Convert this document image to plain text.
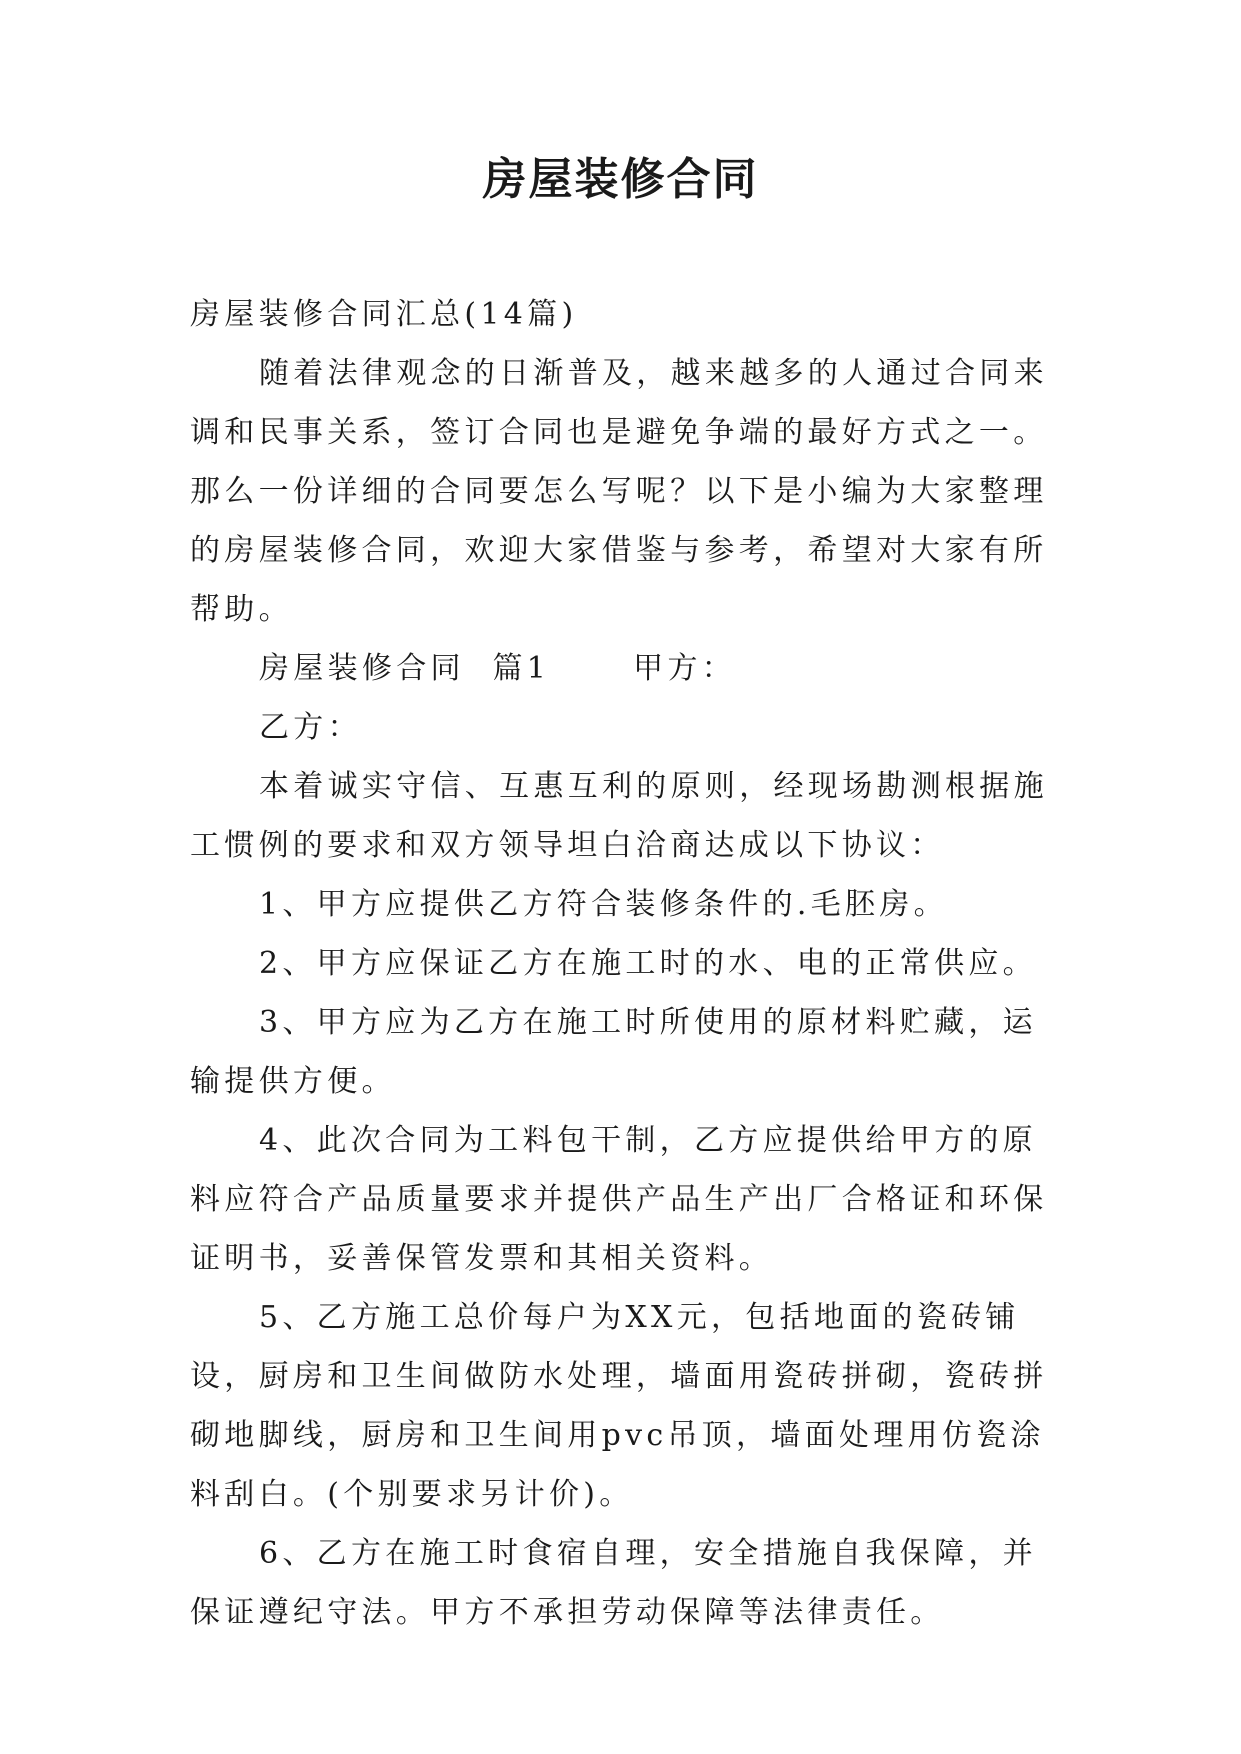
房屋装修合同

房屋装修合同汇总(14篇)

随着法律观念的日渐普及，越来越多的人通过合同来调和民事关系，签订合同也是避免争端的最好方式之一。那么一份详细的合同要怎么写呢？以下是小编为大家整理的房屋装修合同，欢迎大家借鉴与参考，希望对大家有所帮助。

房屋装修合同  篇1      甲方：

乙方：

本着诚实守信、互惠互利的原则，经现场勘测根据施工惯例的要求和双方领导坦白洽商达成以下协议：

1、甲方应提供乙方符合装修条件的.毛胚房。

2、甲方应保证乙方在施工时的水、电的正常供应。

3、甲方应为乙方在施工时所使用的原材料贮藏，运输提供方便。

4、此次合同为工料包干制，乙方应提供给甲方的原料应符合产品质量要求并提供产品生产出厂合格证和环保证明书，妥善保管发票和其相关资料。

5、乙方施工总价每户为XX元，包括地面的瓷砖铺设，厨房和卫生间做防水处理，墙面用瓷砖拼砌，瓷砖拼砌地脚线，厨房和卫生间用pvc吊顶，墙面处理用仿瓷涂料刮白。(个别要求另计价)。

6、乙方在施工时食宿自理，安全措施自我保障，并保证遵纪守法。甲方不承担劳动保障等法律责任。
